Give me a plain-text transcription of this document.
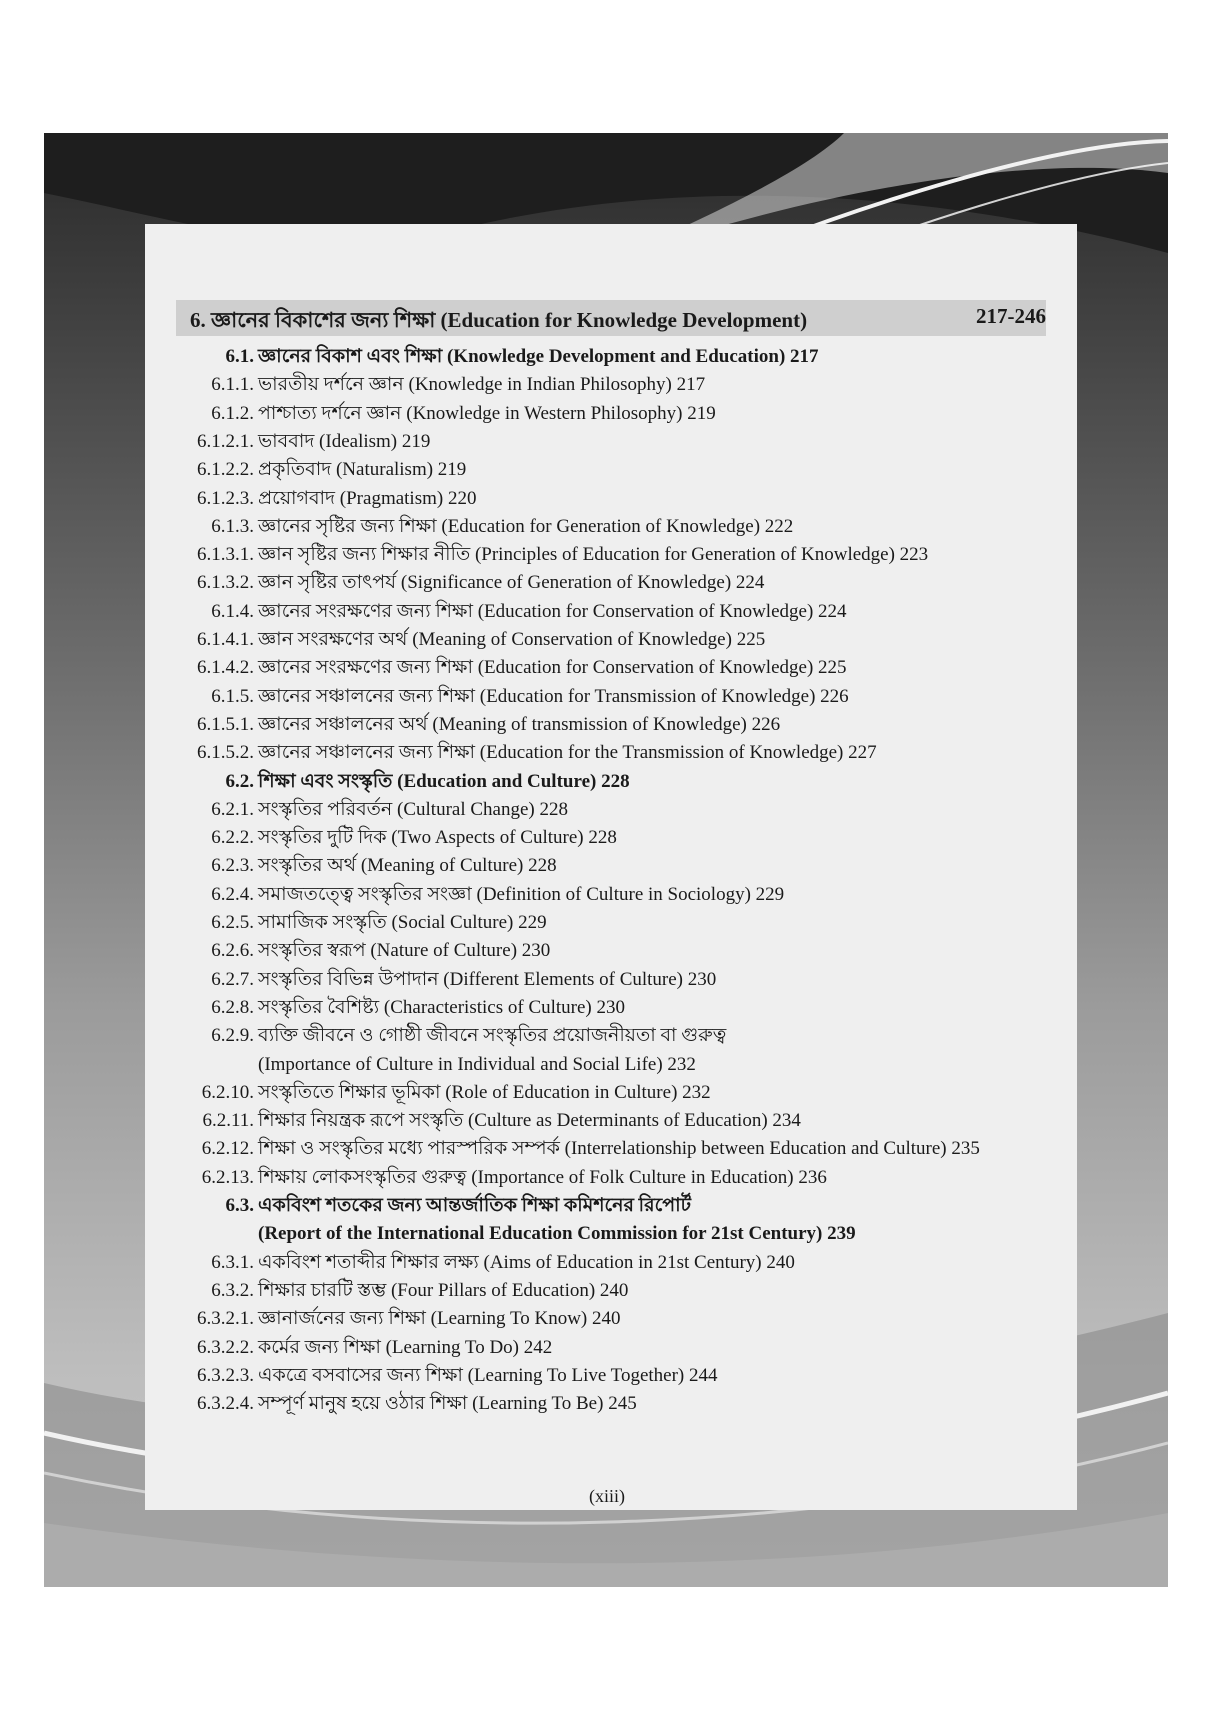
6. জ্ঞানের বিকাশের জন্য শিক্ষা (Education for Knowledge Development)	217-246
6.1. জ্ঞানের বিকাশ এবং শিক্ষা (Knowledge Development and Education) 217
6.1.1. ভারতীয় দর্শনে জ্ঞান (Knowledge in Indian Philosophy) 217
6.1.2. পাশ্চাত্য দর্শনে জ্ঞান (Knowledge in Western Philosophy) 219
6.1.2.1. ভাববাদ (Idealism) 219
6.1.2.2. প্রকৃতিবাদ (Naturalism) 219
6.1.2.3. প্রয়োগবাদ (Pragmatism) 220
6.1.3. জ্ঞানের সৃষ্টির জন্য শিক্ষা (Education for Generation of Knowledge) 222
6.1.3.1. জ্ঞান সৃষ্টির জন্য শিক্ষার নীতি (Principles of Education for Generation of Knowledge) 223
6.1.3.2. জ্ঞান সৃষ্টির তাৎপর্য (Significance of Generation of Knowledge) 224
6.1.4. জ্ঞানের সংরক্ষণের জন্য শিক্ষা (Education for Conservation of Knowledge) 224
6.1.4.1. জ্ঞান সংরক্ষণের অর্থ (Meaning of Conservation of Knowledge) 225
6.1.4.2. জ্ঞানের সংরক্ষণের জন্য শিক্ষা (Education for Conservation of Knowledge) 225
6.1.5. জ্ঞানের সঞ্চালনের জন্য শিক্ষা (Education for Transmission of Knowledge) 226
6.1.5.1. জ্ঞানের সঞ্চালনের অর্থ (Meaning of transmission of Knowledge) 226
6.1.5.2. জ্ঞানের সঞ্চালনের জন্য শিক্ষা (Education for the Transmission of Knowledge) 227
6.2. শিক্ষা এবং সংস্কৃতি (Education and Culture) 228
6.2.1. সংস্কৃতির পরিবর্তন (Cultural Change) 228
6.2.2. সংস্কৃতির দুটি দিক (Two Aspects of Culture) 228
6.2.3. সংস্কৃতির অর্থ (Meaning of Culture) 228
6.2.4. সমাজতত্ত্বে সংস্কৃতির সংজ্ঞা (Definition of Culture in Sociology) 229
6.2.5. সামাজিক সংস্কৃতি (Social Culture) 229
6.2.6. সংস্কৃতির স্বরূপ (Nature of Culture) 230
6.2.7. সংস্কৃতির বিভিন্ন উপাদান (Different Elements of Culture) 230
6.2.8. সংস্কৃতির বৈশিষ্ট্য (Characteristics of Culture) 230
6.2.9. ব্যক্তি জীবনে ও গোষ্ঠী জীবনে সংস্কৃতির প্রয়োজনীয়তা বা গুরুত্ব
(Importance of Culture in Individual and Social Life) 232
6.2.10. সংস্কৃতিতে শিক্ষার ভূমিকা (Role of Education in Culture) 232
6.2.11. শিক্ষার নিয়ন্ত্রক রূপে সংস্কৃতি (Culture as Determinants of Education) 234
6.2.12. শিক্ষা ও সংস্কৃতির মধ্যে পারস্পরিক সম্পর্ক (Interrelationship between Education and Culture) 235
6.2.13. শিক্ষায় লোকসংস্কৃতির গুরুত্ব (Importance of Folk Culture in Education) 236
6.3. একবিংশ শতকের জন্য আন্তর্জাতিক শিক্ষা কমিশনের রিপোর্ট
(Report of the International Education Commission for 21st Century) 239
6.3.1. একবিংশ শতাব্দীর শিক্ষার লক্ষ্য (Aims of Education in 21st Century) 240
6.3.2. শিক্ষার চারটি স্তম্ভ (Four Pillars of Education) 240
6.3.2.1. জ্ঞানার্জনের জন্য শিক্ষা (Learning To Know) 240
6.3.2.2. কর্মের জন্য শিক্ষা (Learning To Do) 242
6.3.2.3. একত্রে বসবাসের জন্য শিক্ষা (Learning To Live Together) 244
6.3.2.4. সম্পূর্ণ মানুষ হয়ে ওঠার শিক্ষা (Learning To Be) 245
(xiii)
